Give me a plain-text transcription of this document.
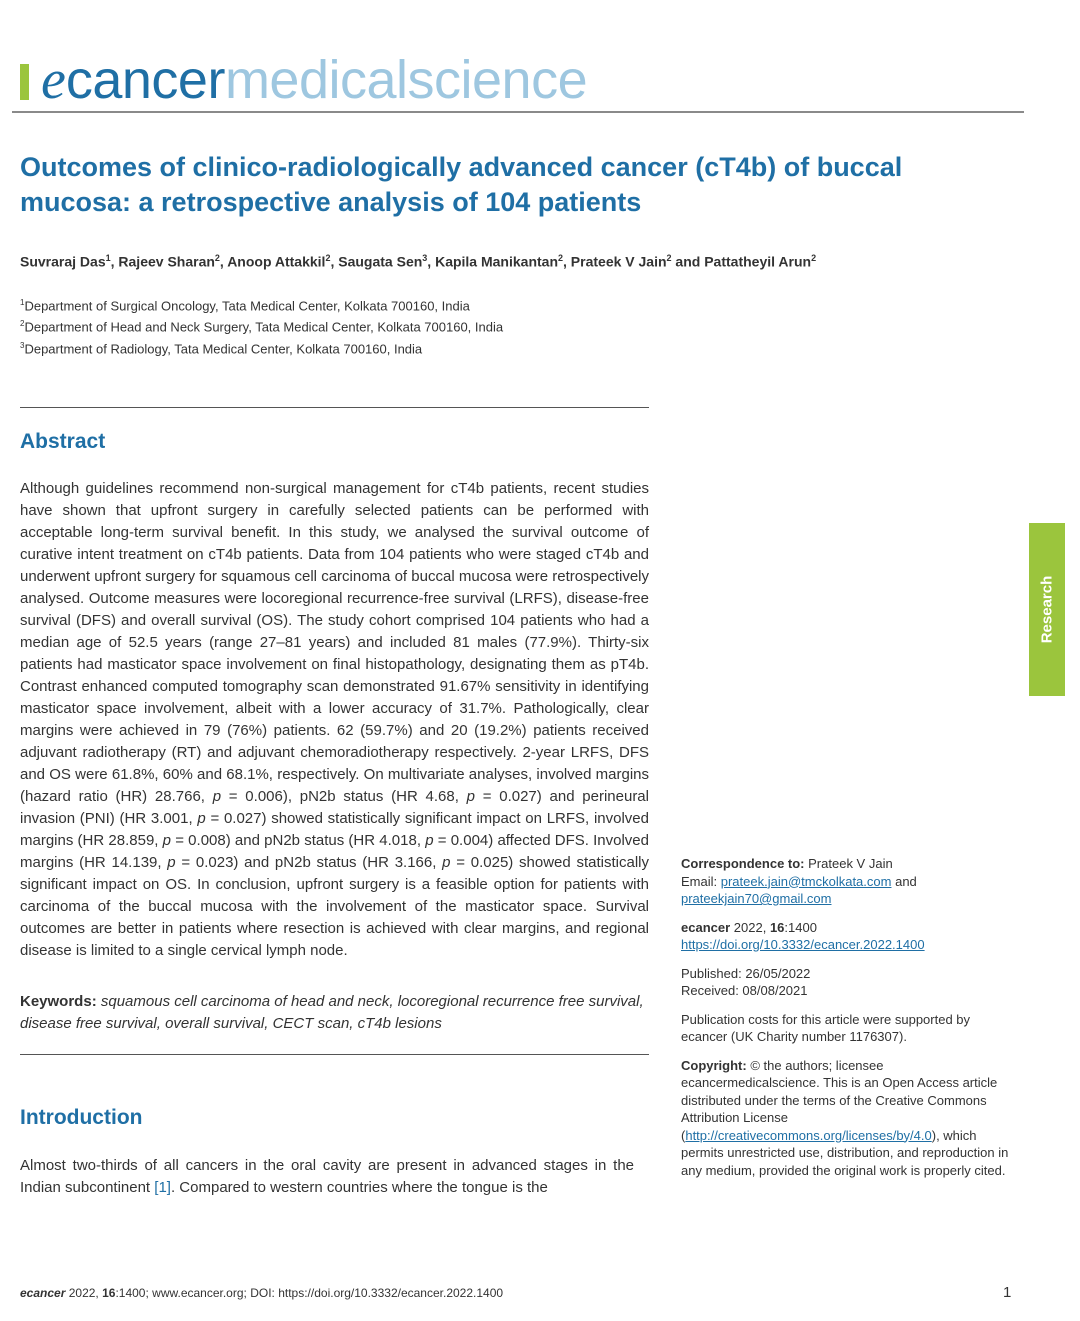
e cancer medicalscience
Outcomes of clinico-radiologically advanced cancer (cT4b) of buccal mucosa: a retrospective analysis of 104 patients
Suvraraj Das$^1$, Rajeev Sharan$^2$, Anoop Attakkil$^2$, Saugata Sen$^3$, Kapila Manikantan$^2$, Prateek V Jain$^2$ and Pattatheyil Arun$^2$
$^1$Department of Surgical Oncology, Tata Medical Center, Kolkata 700160, India
$^2$Department of Head and Neck Surgery, Tata Medical Center, Kolkata 700160, India
$^3$Department of Radiology, Tata Medical Center, Kolkata 700160, India
Abstract

Although guidelines recommend non-surgical management for cT4b patients, recent studies have shown that upfront surgery in carefully selected patients can be performed with acceptable long-term survival benefit. In this study, we analysed the survival outcome of curative intent treatment on cT4b patients. Data from 104 patients who were staged cT4b and underwent upfront surgery for squamous cell carcinoma of buccal mucosa were retrospectively analysed. Outcome measures were locoregional recurrence-free survival (LRFS), disease-free survival (DFS) and overall survival (OS). The study cohort comprised 104 patients who had a median age of 52.5 years (range 27–81 years) and included 81 males (77.9%). Thirty-six patients had masticator space involvement on final histopathology, designating them as pT4b. Contrast enhanced computed tomography scan demonstrated 91.67% sensitivity in identifying masticator space involvement, albeit with a lower accuracy of 31.7%. Pathologically, clear margins were achieved in 79 (76%) patients. 62 (59.7%) and 20 (19.2%) patients received adjuvant radiotherapy (RT) and adjuvant chemoradiotherapy respectively. 2-year LRFS, DFS and OS were 61.8%, 60% and 68.1%, respectively. On multivariate analyses, involved margins (hazard ratio (HR) 28.766, p = 0.006), pN2b status (HR 4.68, p = 0.027) and perineural invasion (PNI) (HR 3.001, p = 0.027) showed statistically significant impact on LRFS, involved margins (HR 28.859, p = 0.008) and pN2b status (HR 4.018, p = 0.004) affected DFS. Involved margins (HR 14.139, p = 0.023) and pN2b status (HR 3.166, p = 0.025) showed statistically significant impact on OS. In conclusion, upfront surgery is a feasible option for patients with carcinoma of the buccal mucosa with the involvement of the masticator space. Survival outcomes are better in patients where resection is achieved with clear margins, and regional disease is limited to a single cervical lymph node.

Keywords: squamous cell carcinoma of head and neck, locoregional recurrence free survival, disease free survival, overall survival, CECT scan, cT4b lesions
Introduction

Almost two-thirds of all cancers in the oral cavity are present in advanced stages in the Indian subcontinent [1]. Compared to western countries where the tongue is the

Research

Correspondence to: Prateek V Jain
Email: prateek.jain@tmckolkata.com and
prateekjain70@gmail.com

ecancer 2022, 16:1400
https://doi.org/10.3332/ecancer.2022.1400

Published: 26/05/2022
Received: 08/08/2021

Publication costs for this article were supported by ecancer (UK Charity number 1176307).

Copyright: © the authors; licensee ecancermedicalscience. This is an Open Access article distributed under the terms of the Creative Commons Attribution License (http://creativecommons.org/licenses/by/4.0), which permits unrestricted use, distribution, and reproduction in any medium, provided the original work is properly cited.

ecancer 2022, 16:1400; www.ecancer.org; DOI: https://doi.org/10.3332/ecancer.2022.1400	1
